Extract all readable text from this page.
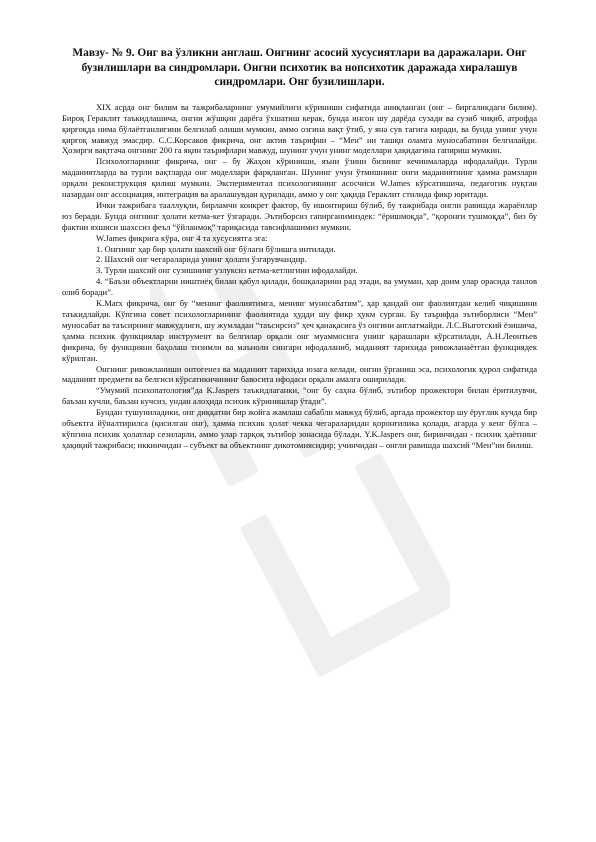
Мавзу- № 9. Онг ва ўзликни англаш. Онгнинг асосий хусусиятлари ва даражалари. Онг бузилишлари ва синдромлари. Онгни психотик ва нопсихотик даражада хиралашув синдромлари. Онг бузилишлари.

XIX асрда онг билим ва тажрибаларнинг умумийлиги кўриниши сифатида аниқланган (онг – биргаликдаги билим). Бироқ Гераклит таъкидлашича, онгни жўшқин дарёга ўхшатиш керак, бунда инсон шу дарёда сузади ва сузиб чиқиб, атрофда қирғоқда нима бўлаётганлигини белгилаб олиши мумкин, аммо озгина вақт ўтиб, у яна сув тагига киради, ва бунда унинг учун қирғоқ мавжуд эмасдир. С.С.Корсаков фикрича, онг актив таърифни – “Мен” ни ташқи оламга муносабатини белгилайди. Ҳозирги вақтгача онгнинг 200 га яқин таърифлари мавжуд, шунинг учун унинг моделлари ҳақидагина гапириш мумкин.

Психологларнинг фикрича, онг – бу Жаҳон кўриниши, яъни ўзини бизнинг кечинмаларда ифодалайди. Турли маданиятларда ва турли вақтларда онг моделлари фарқланган. Шунинг учун ўтмишнинг онги маданиятнинг ҳамма рамзлари орқали реконструкция қилиш мумкин. Экспериментал психологиянинг асосчиси W.James кўрсатишича, педагогик нуқтаи назардан онг ассоциация, интеграция ва аралашувдан қурилади, аммо у онг ҳақида Гераклит стилида фикр юритади.

Ички тажрибага тааллуқли, бирламчи конкрет фактор, бу ишонтириш бўлиб, бу тажрибада онгли равишда жараёнлар юз беради. Бунда онгнинг ҳолати кетма-кет ўзгаради. Эътиборсиз гапирганимиздек: “ёришмоқда”, “қоронғи тушмоқда”, биз бу фактни яхшиси шахссиз феъл “ўйланмоқ” тариқасида тавсифлашимиз мумкин.

W.James фикрига кўра, онг 4 та хусусиятга эга:

1. Онгнинг ҳар бир ҳолати шахсий онг бўлаги бўлишга интилади.

2. Шахсий онг чегараларида унинг ҳолати ўзгарувчандир.

3. Турли шахсий онг сузишнинг узлуксиз кетма-кетлигини ифодалайди.

4. “Баъзи объектларни ииштиёқ билан қабул қилади, бошқаларини рад этади, ва умуман, ҳар доим улар орасида танлов олиб боради”.

K.Marx фикрича, онг бу “менинг фаолиятимга, менинг муносабатим”, ҳар қандай онг фаолиятдан келиб чиқишини таъкидлайди. Кўпгина совет психологларининг фаолиятида ҳудди шу фикр ҳукм сурган. Бу таърифда эътиборлиси “Мен” муносабат ва таъсирнинг мавжудлиги, шу жумладан “таъсирсиз” ҳеч қанақасига ўз онгини англатмайди. Л.С.Выготский ёзишича, ҳамма психик функциялар инструмент ва белгилар орқали онг муаммосига унинг қарашлари кўрсатилади, А.Н.Леонтьев фикрича, бу функцияни баҳолаш тизимли ва маъноли сингари ифодаланиб, маданият тарихида ривожланаётган функциядек кўрилган.

Онгнинг ривожланиши онтогенез ва маданият тарихида юзага келади, онгни ўрганиш эса, психологик қурол сифатида маданият предмети ва белгиси кўрсатикичининг бавосита ифодаси орқали амалга оширилади.

“Умумий психопатология”да K.Jaspers таъкидлаганки, “онг бу саҳна бўлиб, эътибор прожектори билан ёритилувчи, баъзан кучли, баъзан кучсиз, ундан алоҳида психик кўринишлар ўтади”.

Бундан тушуниладики, онг диққатни бир жойга жамлаш сабабли мавжуд бўлиб, аргада прожектор шу ёруғлик кучда бир объектга йўналтирилса (қисилган онг), ҳамма психик ҳолат чекка чегараларидан қоронғилика қолади, агарда у кенг бўлса – кўпгина психик ҳолатлар сезиларли, аммо улар тарқоқ эътибор зонасида бўлади. Y.K.Jaspers онг, биринчидан - психик ҳаётнинг ҳақиқий тажрибаси; иккинчидан – субъект ва объектнинг дикотомиясидир; учинчидан – онгли равишда шахсий “Мен”ни билиш.
